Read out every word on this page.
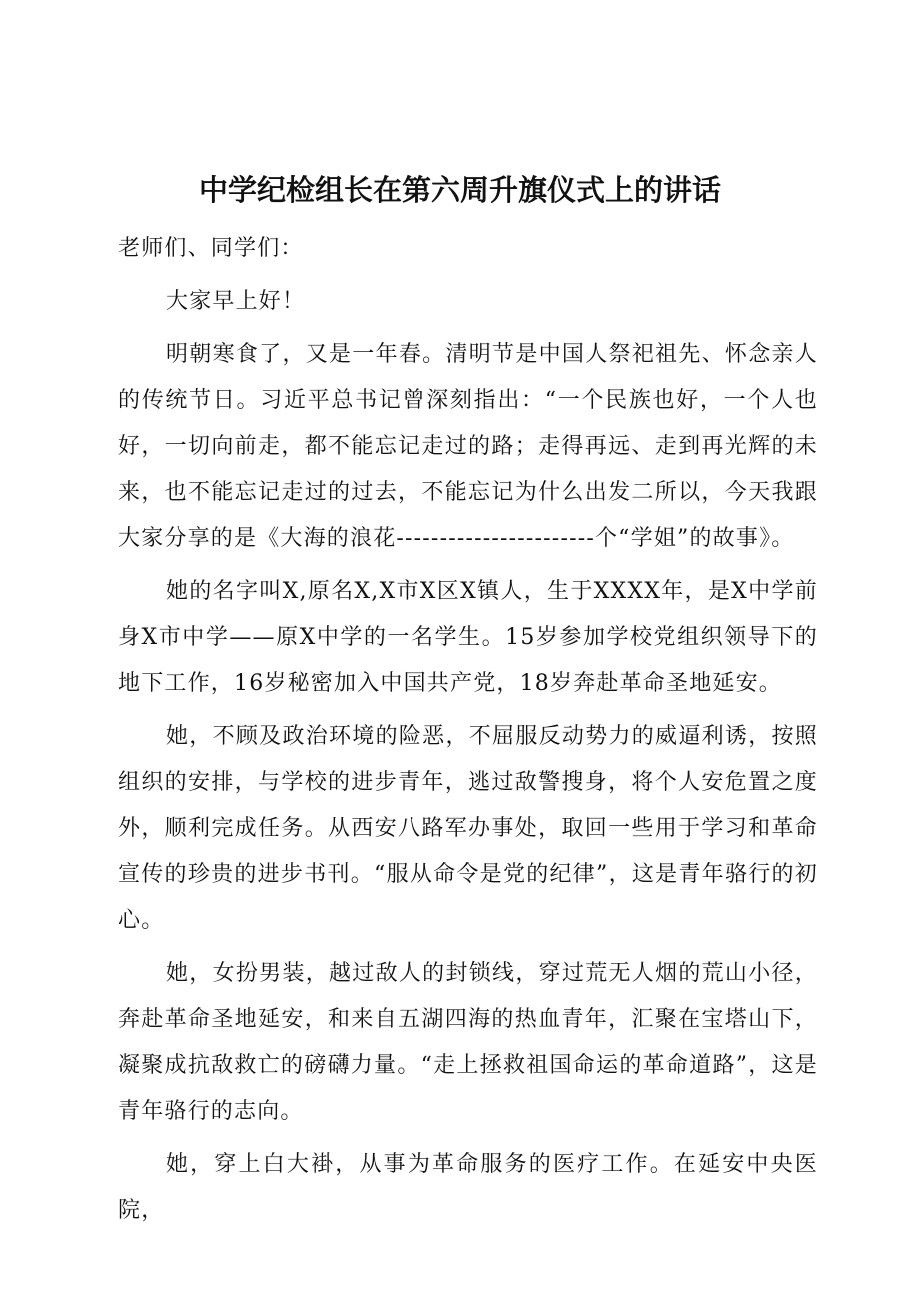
中学纪检组长在第六周升旗仪式上的讲话

老师们、同学们：

大家早上好！

明朝寒食了，又是一年春。清明节是中国人祭祀祖先、怀念亲人的传统节日。习近平总书记曾深刻指出：“一个民族也好，一个人也好，一切向前走，都不能忘记走过的路；走得再远、走到再光辉的未来，也不能忘记走过的过去，不能忘记为什么出发二所以，今天我跟大家分享的是《大海的浪花-----------------------个“学姐”的故事》。

她的名字叫X,原名X,X市X区X镇人，生于XXXX年，是X中学前身X市中学——原X中学的一名学生。15岁参加学校党组织领导下的地下工作，16岁秘密加入中国共产党，18岁奔赴革命圣地延安。

她，不顾及政治环境的险恶，不屈服反动势力的威逼利诱，按照组织的安排，与学校的进步青年，逃过敌警搜身，将个人安危置之度外，顺利完成任务。从西安八路军办事处，取回一些用于学习和革命宣传的珍贵的进步书刊。“服从命令是党的纪律”，这是青年骆行的初心。

她，女扮男装，越过敌人的封锁线，穿过荒无人烟的荒山小径，奔赴革命圣地延安，和来自五湖四海的热血青年，汇聚在宝塔山下，凝聚成抗敌救亡的磅礴力量。“走上拯救祖国命运的革命道路”，这是青年骆行的志向。

她，穿上白大褂，从事为革命服务的医疗工作。在延安中央医院，
